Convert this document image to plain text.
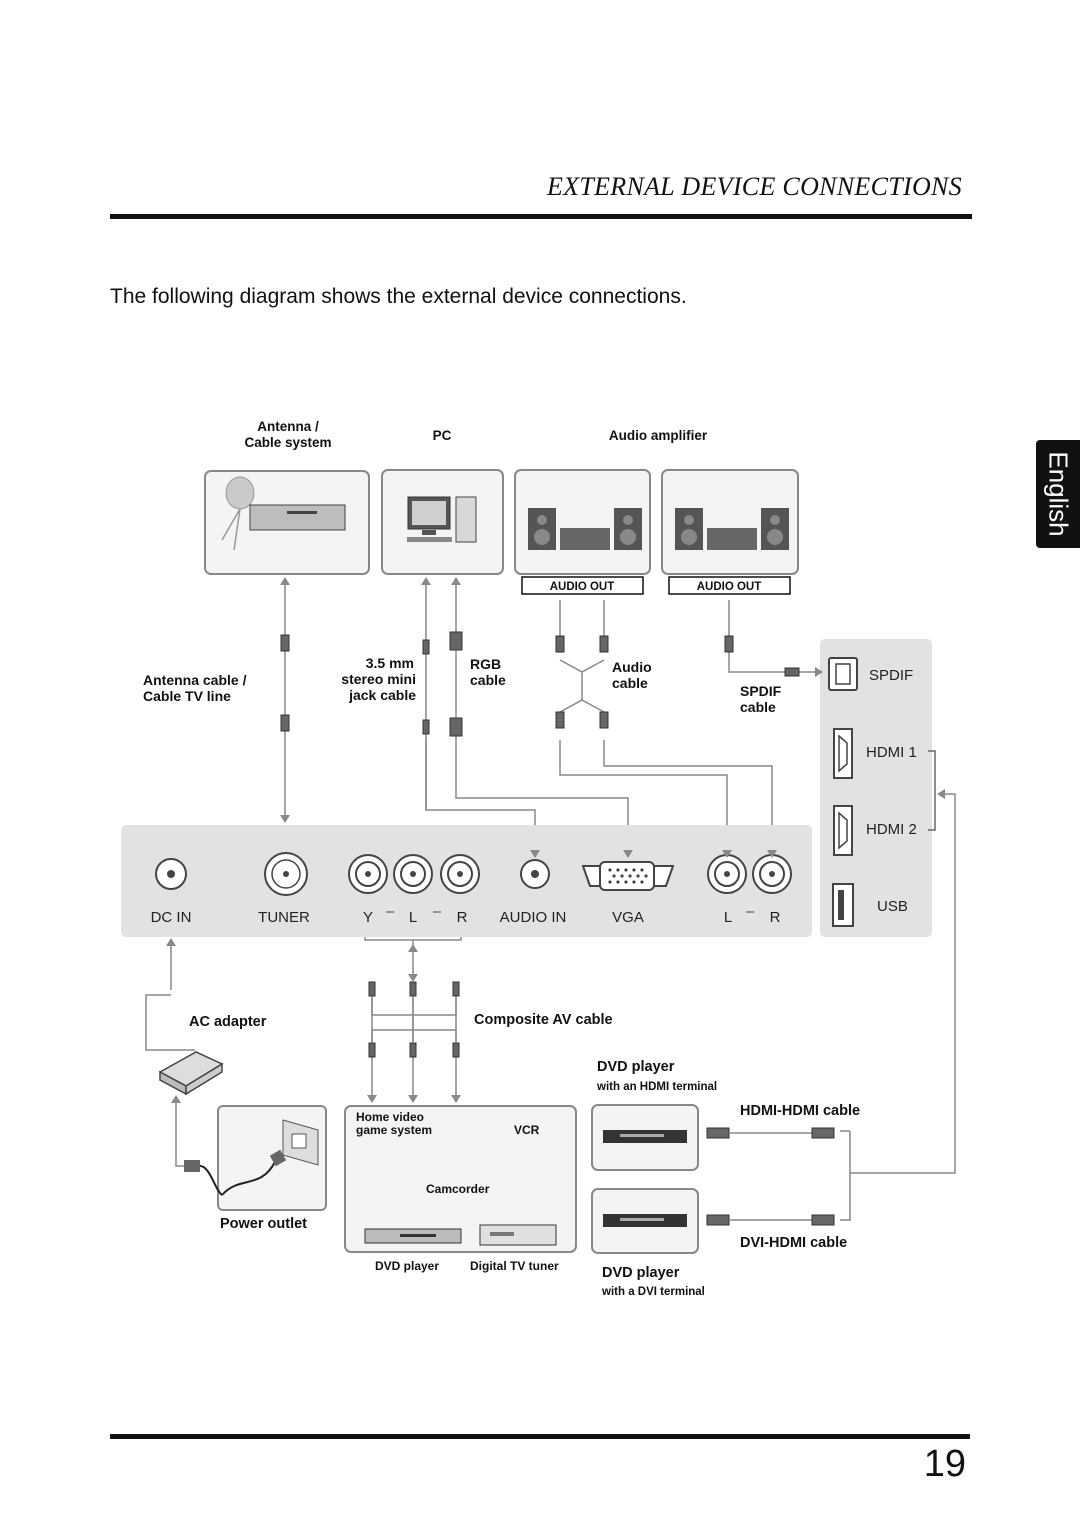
EXTERNAL DEVICE CONNECTIONS
The following diagram shows the external device connections.
English
Antenna /
Cable system	PC	Audio amplifier
AUDIO OUT	AUDIO OUT
Antenna cable /
Cable TV line
3.5 mm
stereo mini
jack cable
RGB
cable
Audio
cable	SPDIF
cable
DC IN	TUNER	Y L	R AUDIO IN	VGA	L R
SPDIF
HDMI 1
HDMI 2
USB
AC adapter	Composite AV cable
DVD player
with an HDMI terminal
HDMI-HDMI cable
DVI-HDMI cable
DVD player
with a DVI terminal
Power outlet
Home video
game system	VCR
Camcorder
DVD player	Digital TV tuner
19
